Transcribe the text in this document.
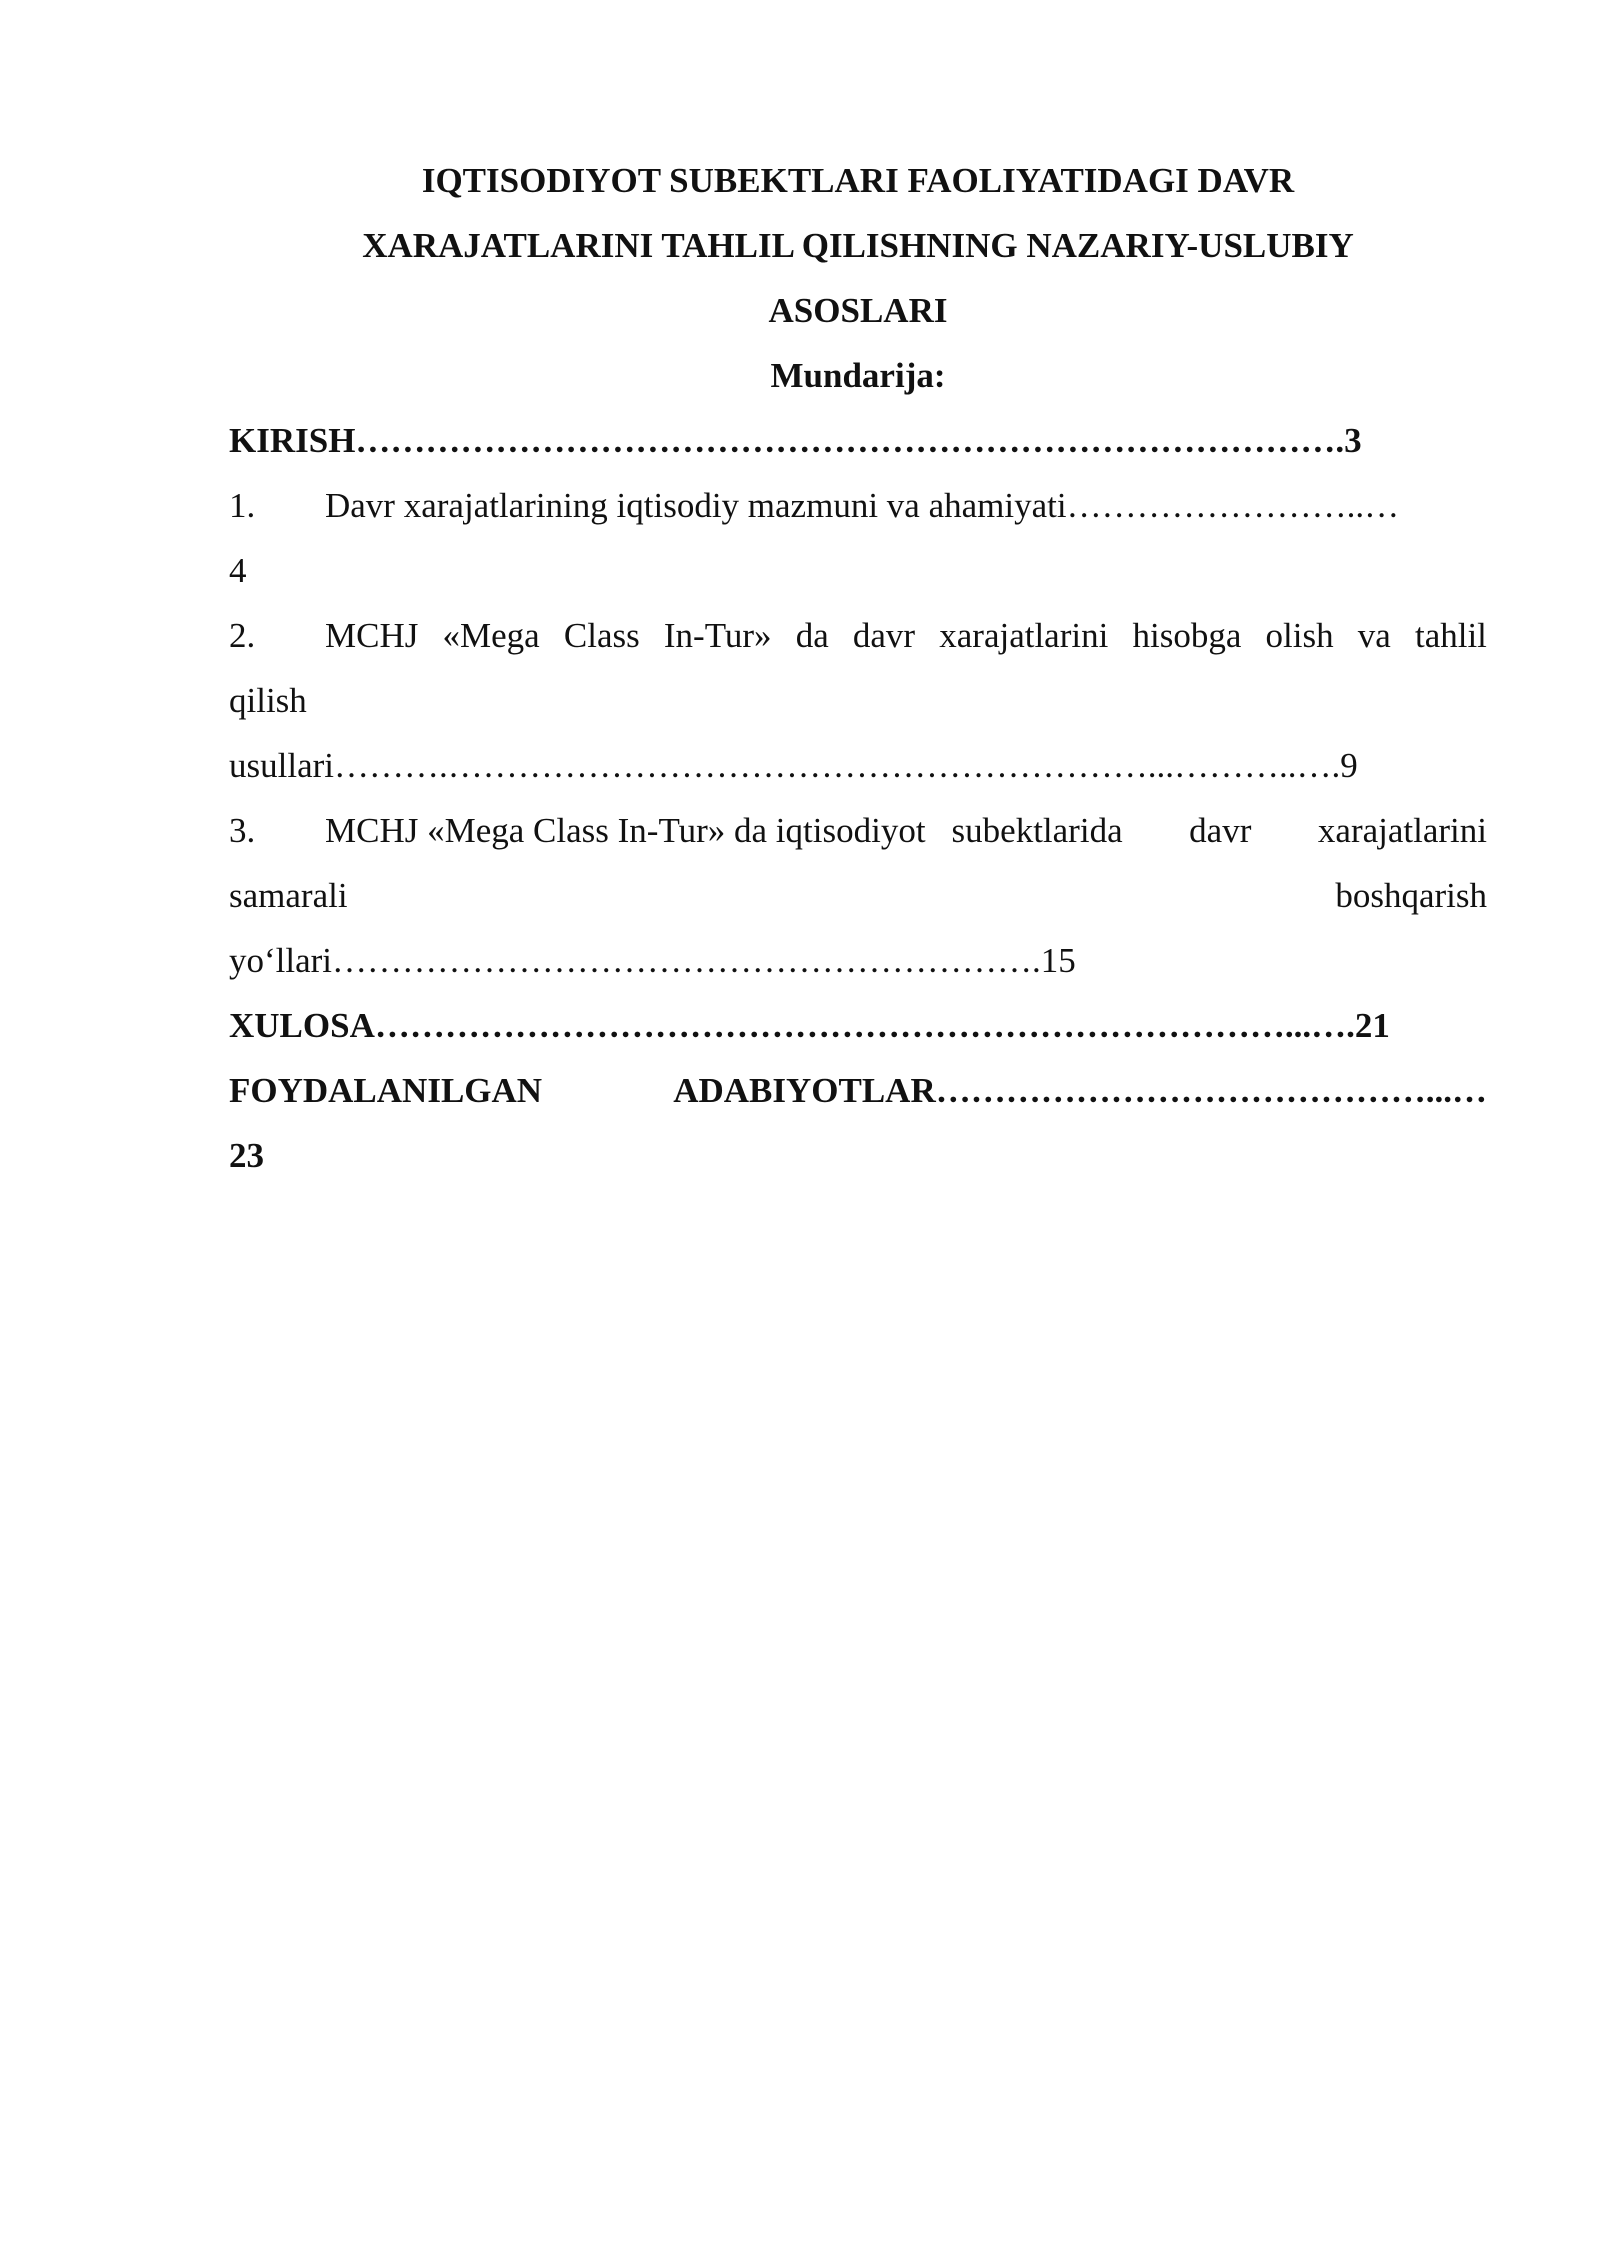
IQTISODIYOT SUBEKTLARI FAOLIYATIDAGI DAVR
XARAJATLARINI TAHLIL QILISHNING NAZARIY-USLUBIY
ASOSLARI
Mundarija:
KIRISH………………………………………………………………………….3
1. Davr xarajatlarining iqtisodiy mazmuni va ahamiyati……………………..…
4
2.	MCHJ «Mega Class In-Tur» da davr xarajatlarini hisobga olish va tahlil
qilish
usullari……….……………………………………………………...………..….9
3.	MCHJ «Mega Class In-Tur» da iqtisodiyot subektlarida davr xarajatlarini
samarali	boshqarish
yo‘llari…………………………………………………….15
XULOSA……………………………………………………………………...….21
FOYDALANILGAN	ADABIYOTLAR……………………………………...…
23
